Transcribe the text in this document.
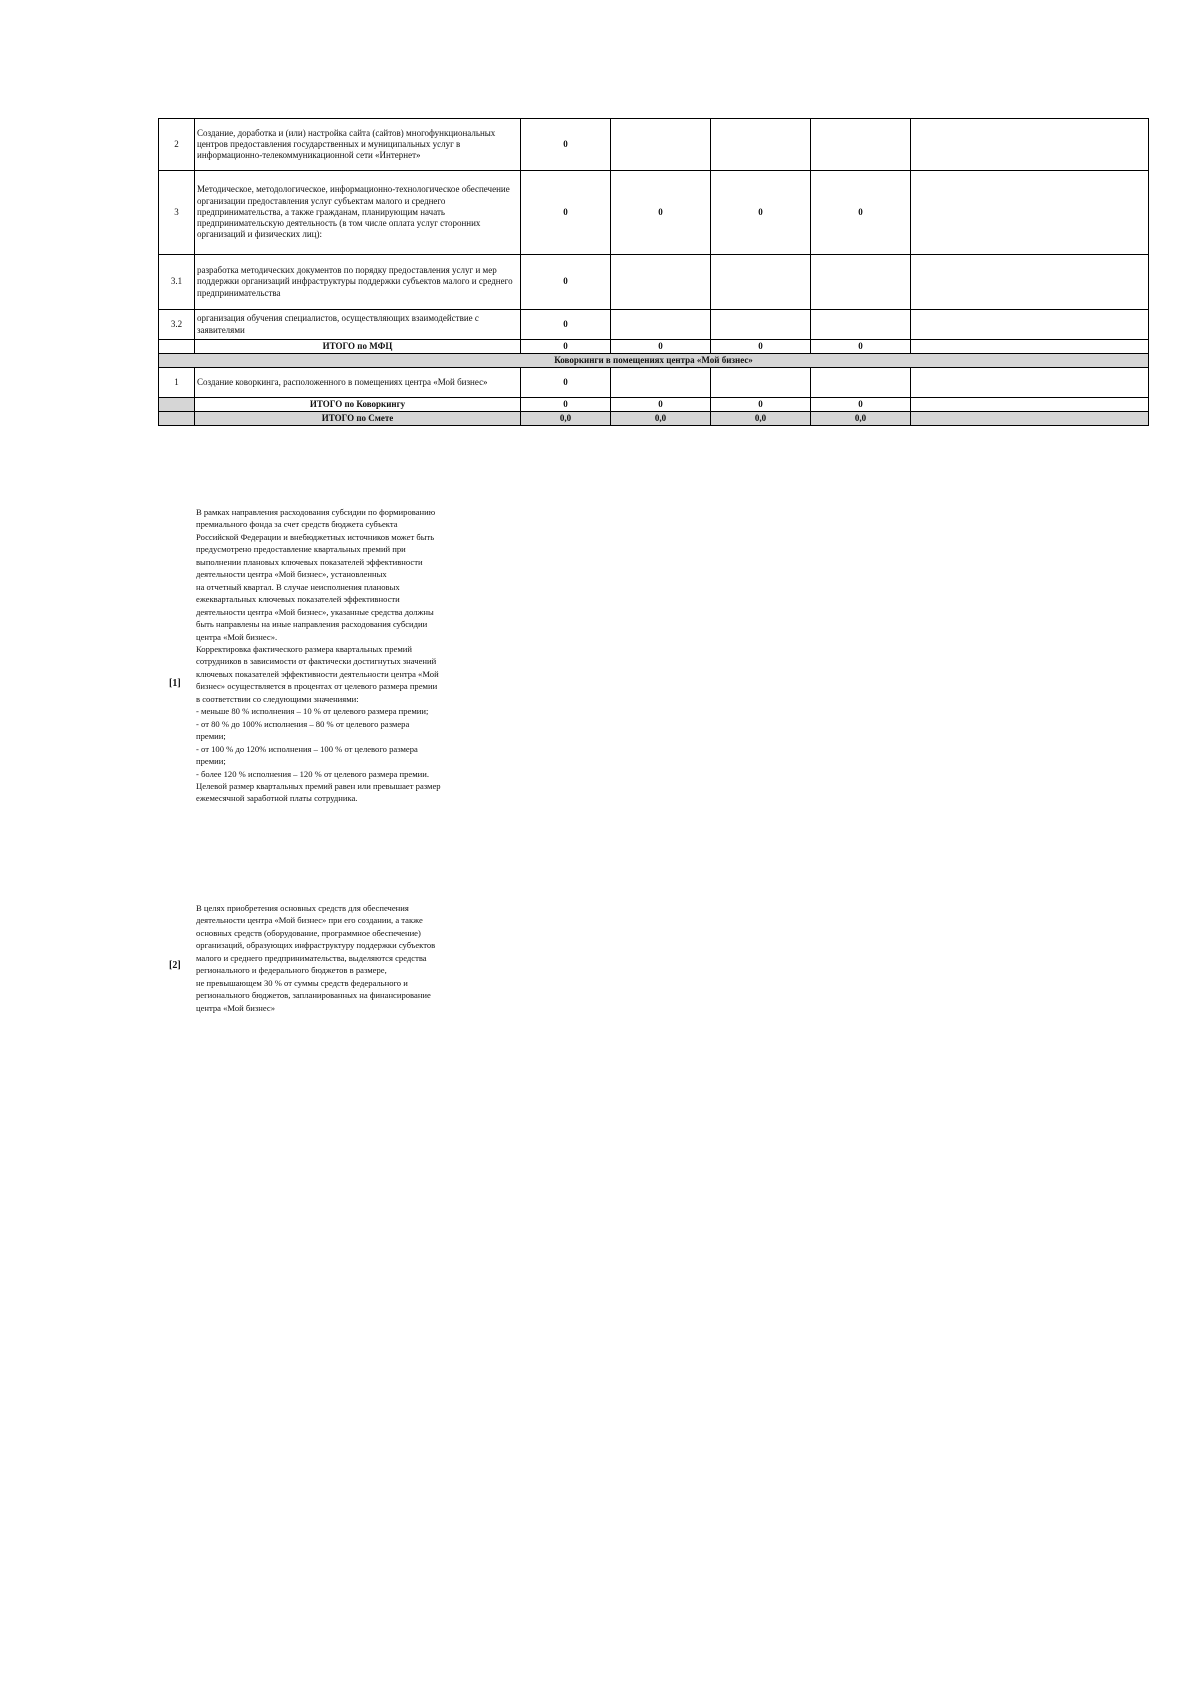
2	Создание, доработка и (или) настройка сайта (сайтов) многофункциональных центров предоставления государственных и муниципальных услуг в информационно-телекоммуникационной сети «Интернет»	0				
3	Методическое, методологическое, информационно-технологическое обеспечение организации предоставления услуг субъектам малого и среднего предпринимательства, а также гражданам, планирующим начать предпринимательскую деятельность (в том числе оплата услуг сторонних организаций и физических лиц):	0	0	0	0	
3.1	разработка методических документов по порядку предоставления услуг и мер поддержки организаций инфраструктуры поддержки субъектов малого и среднего предпринимательства	0				
3.2	организация обучения специалистов, осуществляющих взаимодействие с заявителями	0				
	ИТОГО по МФЦ	0	0	0	0	
Коворкинги в помещениях центра «Мой бизнес»						
1	Создание коворкинга, расположенного в помещениях центра «Мой бизнес»	0				
	ИТОГО по Коворкингу	0	0	0	0	
	ИТОГО по Смете	0,0	0,0	0,0	0,0	
[1]
В рамках направления расходования субсидии по формированию
премиального фонда за счет средств бюджета субъекта
Российской Федерации и внебюджетных источников может быть
предусмотрено предоставление квартальных премий при
выполнении плановых ключевых показателей эффективности
деятельности центра «Мой бизнес», установленных
на отчетный квартал. В случае неисполнения плановых
ежеквартальных ключевых показателей эффективности
деятельности центра «Мой бизнес», указанные средства должны
быть направлены на иные направления расходования субсидии
центра «Мой бизнес».
Корректировка фактического размера квартальных премий
сотрудников в зависимости от фактически достигнутых значений
ключевых показателей эффективности деятельности центра «Мой
бизнес» осуществляется в процентах от целевого размера премии
в соответствии со следующими значениями:
- меньше 80 % исполнения – 10 % от целевого размера премии;
- от 80 % до 100% исполнения – 80 % от целевого размера
премии;
- от 100 % до 120% исполнения – 100 % от целевого размера
премии;
- более 120 % исполнения – 120 % от целевого размера премии.
Целевой размер квартальных премий равен или превышает размер
ежемесячной заработной платы сотрудника.
[2]
В целях приобретения основных средств для обеспечения
деятельности центра «Мой бизнес» при его создании, а также
основных средств (оборудование, программное обеспечение)
организаций, образующих инфраструктуру поддержки субъектов
малого и среднего предпринимательства, выделяются средства
регионального и федерального бюджетов в размере,
не превышающем 30 % от суммы средств федерального и
регионального бюджетов, запланированных на финансирование
центра «Мой бизнес»
